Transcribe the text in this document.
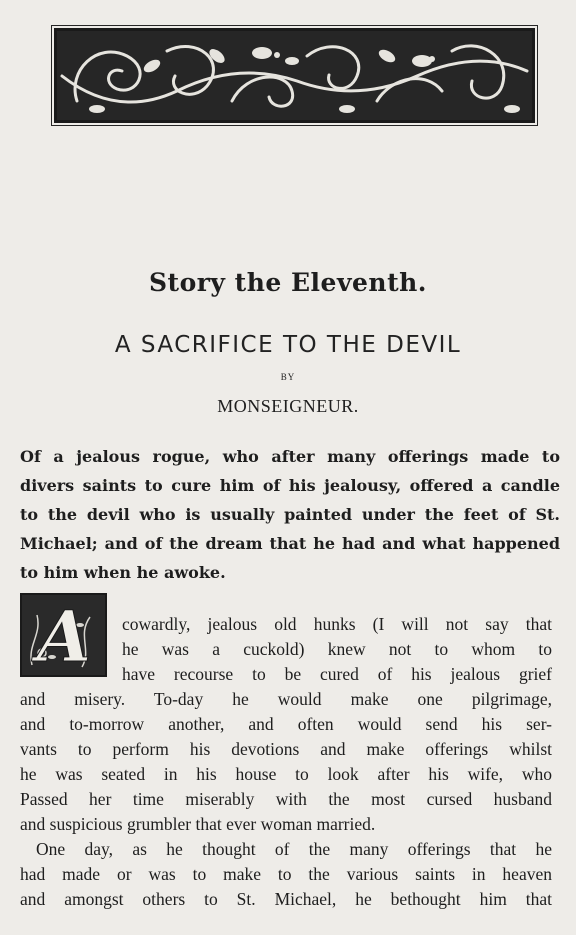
Story the Eleventh.
A SACRIFICE TO THE DEVIL
BY
MONSEIGNEUR.
Of a jealous rogue, who after many offerings made to
divers saints to cure him of his jealousy, offered a candle
to the devil who is usually painted under the feet of St.
Michael; and of the dream that he had and what happened
to him when he awoke.
A	cowardly, jealous old hunks (I will not say that
he was a cuckold) knew not to whom to
have recourse to be cured of his jealous grief
and misery. To-day he would make one pilgrimage,
and to-morrow another, and often would send his ser-
vants to perform his devotions and make offerings whilst
he was seated in his house to look after his wife, who
Passed her time miserably with the most cursed husband
and suspicious grumbler that ever woman married.
One day, as he thought of the many offerings that he
had made or was to make to the various saints in heaven
and amongst others to St. Michael, he bethought him that
